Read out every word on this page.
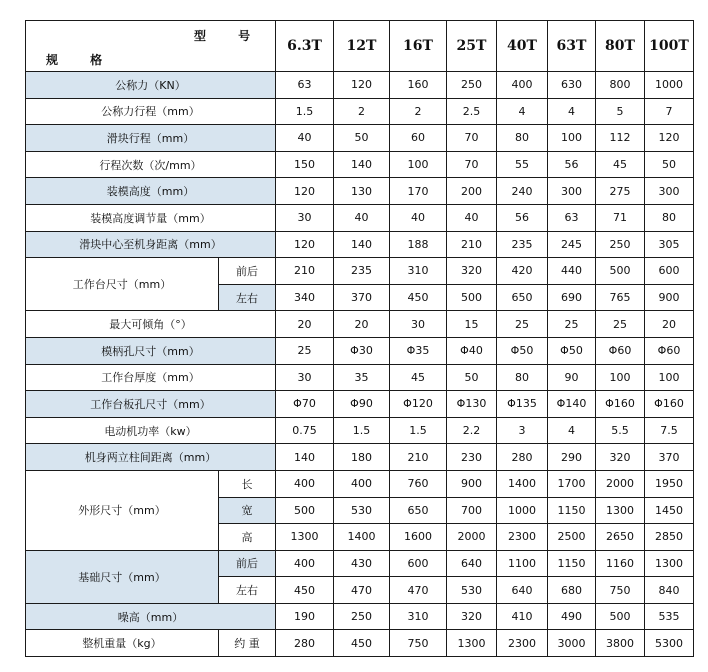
型 号
规 格		6.3T	12T	16T	25T	40T	63T	80T	100T
公称力（KN）		63	120	160	250	400	630	800	1000
公称力行程（mm）		1.5	2	2	2.5	4	4	5	7
滑块行程（mm）		40	50	60	70	80	100	112	120
行程次数（次/mm）		150	140	100	70	55	56	45	50
装模高度（mm）		120	130	170	200	240	300	275	300
装模高度调节量（mm）		30	40	40	40	56	63	71	80
滑块中心至机身距离（mm）		120	140	188	210	235	245	250	305
工作台尺寸（mm）	前后	210	235	310	320	420	440	500	600
	左右	340	370	450	500	650	690	765	900
最大可倾角（°）		20	20	30	15	25	25	25	20
模柄孔尺寸（mm）		25	Φ30	Φ35	Φ40	Φ50	Φ50	Φ60	Φ60
工作台厚度（mm）		30	35	45	50	80	90	100	100
工作台板孔尺寸（mm）		Φ70	Φ90	Φ120	Φ130	Φ135	Φ140	Φ160	Φ160
电动机功率（kw）		0.75	1.5	1.5	2.2	3	4	5.5	7.5
机身两立柱间距离（mm）		140	180	210	230	280	290	320	370
外形尺寸（mm）	长	400	400	760	900	1400	1700	2000	1950
	宽	500	530	650	700	1000	1150	1300	1450
	高	1300	1400	1600	2000	2300	2500	2650	2850
基础尺寸（mm）	前后	400	430	600	640	1100	1150	1160	1300
	左右	450	470	470	530	640	680	750	840
噪高（mm）		190	250	310	320	410	490	500	535
整机重量（kg）	约 重	280	450	750	1300	2300	3000	3800	5300
